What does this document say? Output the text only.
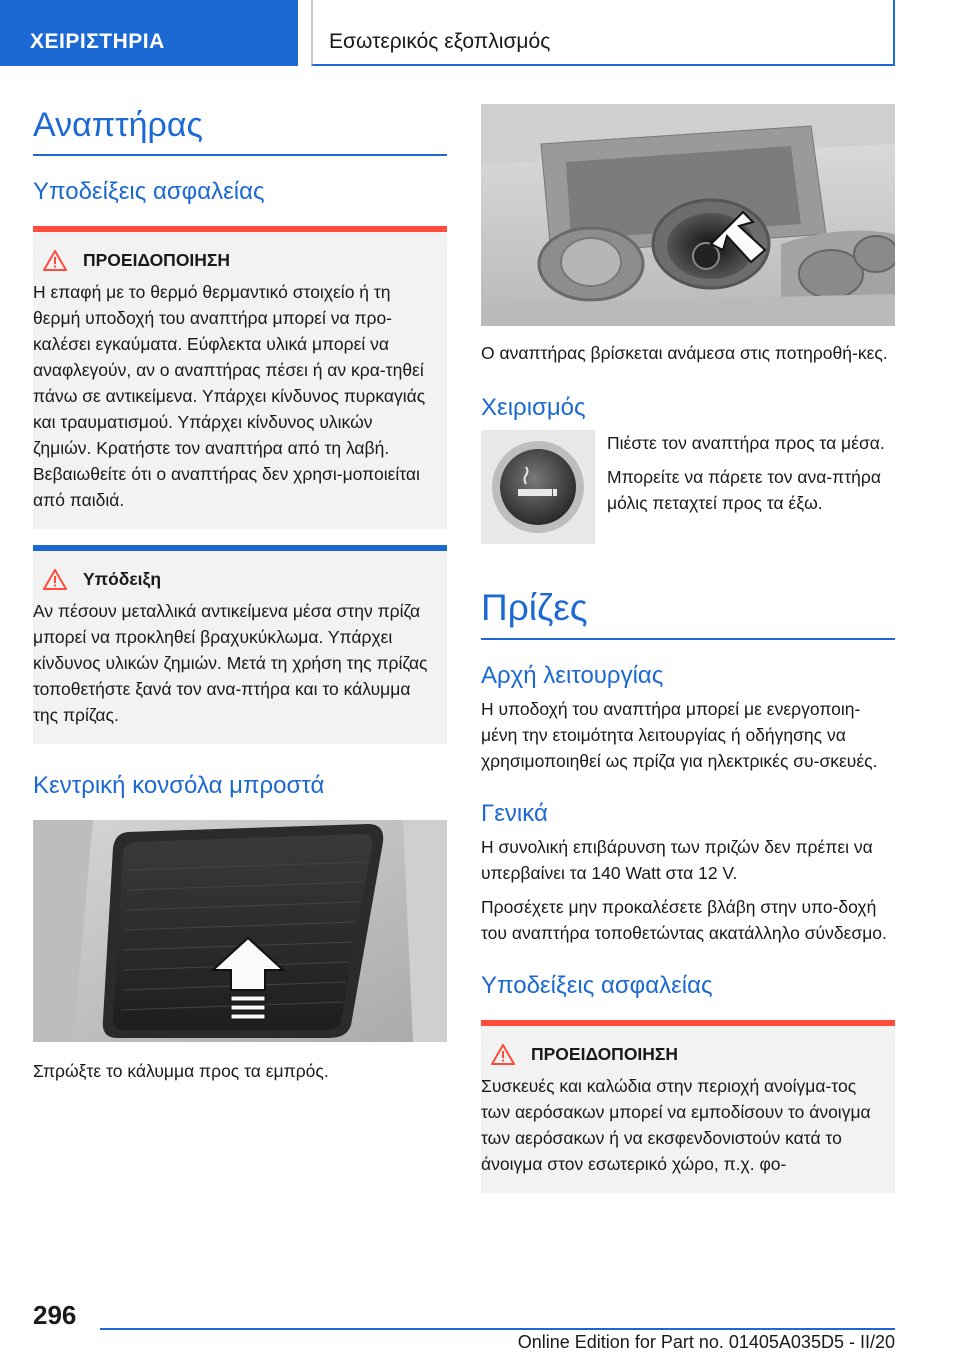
ΧΕΙΡΙΣΤΗΡΙΑ	Εσωτερικός εξοπλισμός
Αναπτήρας
Υποδείξεις ασφαλείας
ΠΡΟΕΙΔΟΠΟΙΗΣΗ

Η επαφή με το θερμό θερμαντικό στοιχείο ή τη θερμή υποδοχή του αναπτήρα μπορεί να προ-καλέσει εγκαύματα. Εύφλεκτα υλικά μπορεί να αναφλεγούν, αν ο αναπτήρας πέσει ή αν κρα-τηθεί πάνω σε αντικείμενα. Υπάρχει κίνδυνος πυρκαγιάς και τραυματισμού. Υπάρχει κίνδυνος υλικών ζημιών. Κρατήστε τον αναπτήρα από τη λαβή. Βεβαιωθείτε ότι ο αναπτήρας δεν χρησι-μοποιείται από παιδιά.

Υπόδειξη

Αν πέσουν μεταλλικά αντικείμενα μέσα στην πρίζα μπορεί να προκληθεί βραχυκύκλωμα. Υπάρχει κίνδυνος υλικών ζημιών. Μετά τη χρήση της πρίζας τοποθετήστε ξανά τον ανα-πτήρα και το κάλυμμα της πρίζας.

Κεντρική κονσόλα μπροστά

Σπρώξτε το κάλυμμα προς τα εμπρός.

Ο αναπτήρας βρίσκεται ανάμεσα στις ποτηροθή-κες.

Χειρισμός

Πιέστε τον αναπτήρα προς τα μέσα.

Μπορείτε να πάρετε τον ανα-πτήρα μόλις πεταχτεί προς τα έξω.

Πρίζες
Αρχή λειτουργίας

Η υποδοχή του αναπτήρα μπορεί με ενεργοποιη-μένη την ετοιμότητα λειτουργίας ή οδήγησης να χρησιμοποιηθεί ως πρίζα για ηλεκτρικές συ-σκευές.

Γενικά

Η συνολική επιβάρυνση των πριζών δεν πρέπει να υπερβαίνει τα 140 Watt στα 12 V.

Προσέχετε μην προκαλέσετε βλάβη στην υπο-δοχή του αναπτήρα τοποθετώντας ακατάλληλο σύνδεσμο.

Υποδείξεις ασφαλείας
ΠΡΟΕΙΔΟΠΟΙΗΣΗ

Συσκευές και καλώδια στην περιοχή ανοίγμα-τος των αερόσακων μπορεί να εμποδίσουν το άνοιγμα των αερόσακων ή να εκσφενδονιστούν κατά το άνοιγμα στον εσωτερικό χώρο, π.χ. φο-

296
Online Edition for Part no. 01405A035D5 - II/20
